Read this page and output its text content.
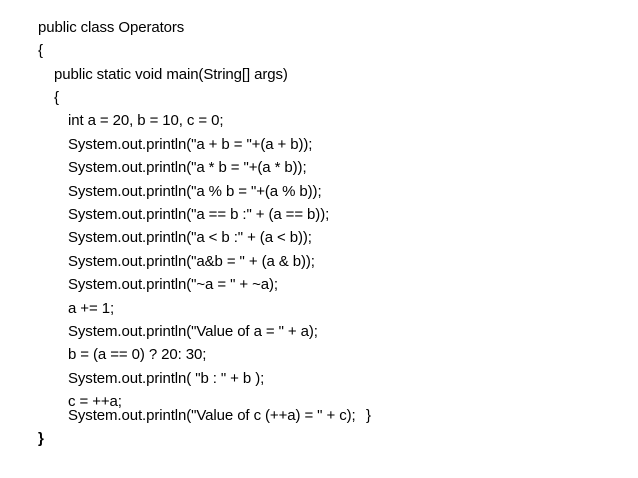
public class Operators
{
public static void main(String[] args)
{
int a = 20, b = 10, c = 0;
System.out.println("a + b = "+(a + b));
System.out.println("a * b = "+(a * b));
System.out.println("a % b = "+(a % b));
System.out.println("a == b :" + (a == b));
System.out.println("a < b :" + (a < b));
System.out.println("a&b = " + (a & b));
System.out.println("~a = " + ~a);
a += 1;
System.out.println("Value of a = " + a);
b = (a == 0) ? 20: 30;
System.out.println( "b : " + b );
c = ++a;
System.out.println("Value of c (++a) = " + c); }
}
